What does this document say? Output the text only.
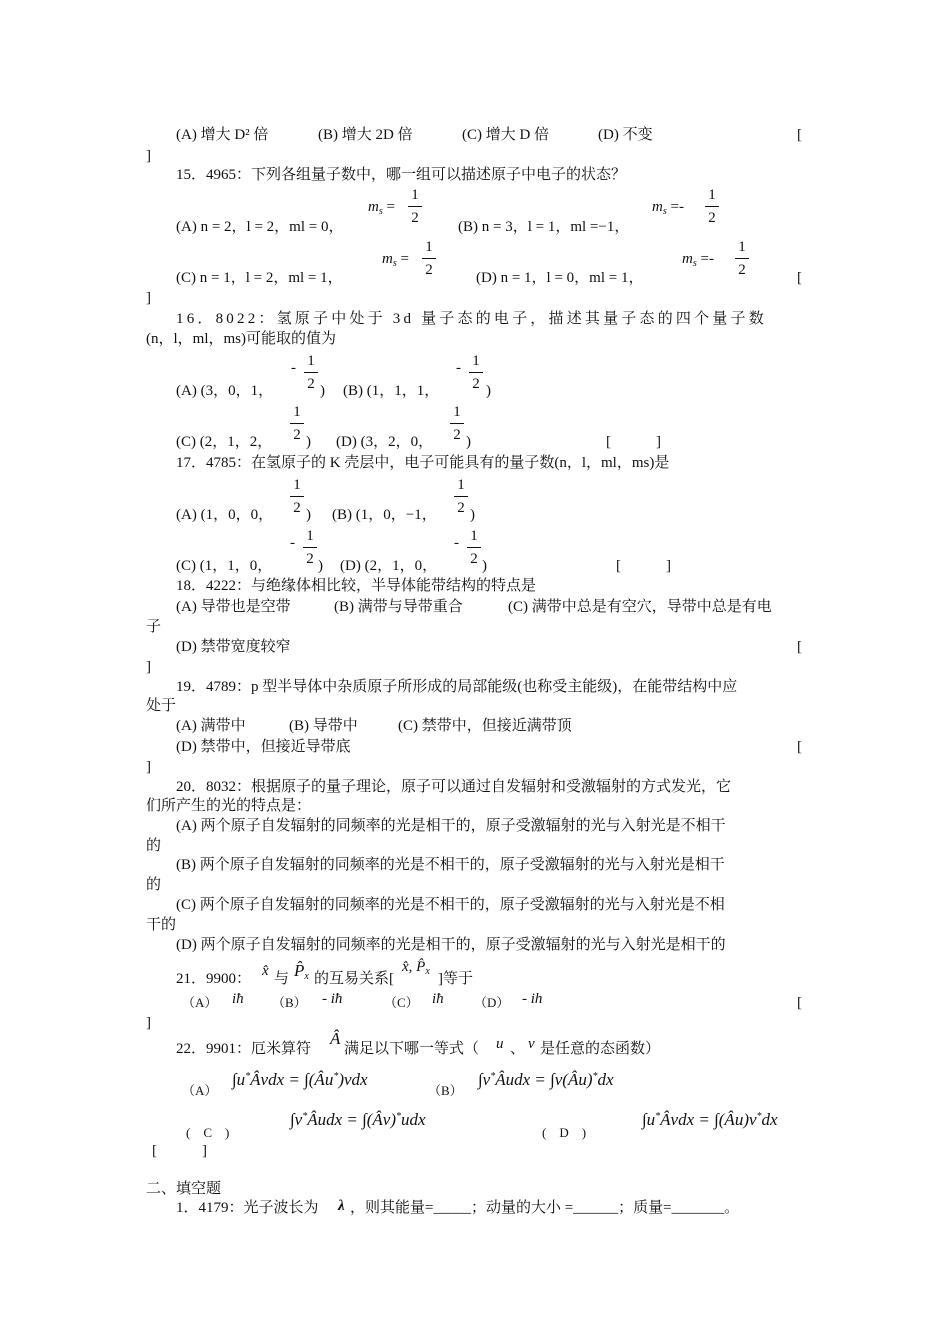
(A) 增大 D² 倍	(B) 增大 2D 倍	(C) 增大 D 倍	(D) 不变	[
]
15．4965：下列各组量子数中，哪一组可以描述原子中电子的状态？
$m_s$ =
1
2
$m_s$ =-
1
2
(A) n = 2，l = 2，ml = 0，	(B) n = 3，l = 1，ml =−1，
$m_s$ =
1
2
$m_s$ =-
1
2
(C) n = 1，l = 2，ml = 1，	(D) n = 1，l = 0，ml = 1，	[
]
16．8022：氢原子中处于 3d 量子态的电子，描述其量子态的四个量子数
(n，l，ml，ms)可能取的值为
(A) (3，0，1，
- 1
2 ) (B) (1，1，1，
- 1
2 )
1
2
1
2
(C) (2，1，2， ) (D) (3，2，0， )	[　　　]
17．4785：在氢原子的 K 壳层中，电子可能具有的量子数(n，l，ml，ms)是
1
2
1
2
(A) (1，0，0， ) (B) (1，0，−1， )
- 1
2
- 1
2
(C) (1，1，0，	) (D) (2，1，0，	)	[　　　]
18．4222：与绝缘体相比较，半导体能带结构的特点是
(A) 导带也是空带	(B) 满带与导带重合	(C) 满带中总是有空穴，导带中总是有电
子
(D) 禁带宽度较窄	[
]
19．4789：p 型半导体中杂质原子所形成的局部能级(也称受主能级)，在能带结构中应
处于
(A) 满带中	(B) 导带中	(C) 禁带中，但接近满带顶
(D) 禁带中，但接近导带底	[
]
20．8032：根据原子的量子理论，原子可以通过自发辐射和受激辐射的方式发光，它
们所产生的光的特点是：
(A) 两个原子自发辐射的同频率的光是相干的，原子受激辐射的光与入射光是不相干
的
(B) 两个原子自发辐射的同频率的光是不相干的，原子受激辐射的光与入射光是相干
的
(C) 两个原子自发辐射的同频率的光是不相干的，原子受激辐射的光与入射光是不相
干的
(D) 两个原子自发辐射的同频率的光是相干的，原子受激辐射的光与入射光是相干的
21．9900： x̂ 与 $P̂_x$ 的互易关系[
x̂, $P̂_x$ ]等于
（A） iħ （B） - iħ	（C） iħ （D） - ih	[
]
22．9901：厄米算符
Â
满足以下哪一等式（ u 、 v 是任意的态函数）
（A）
∫u*Âvdx = ∫(Âu*)vdx
（B）
∫v*Âudx = ∫v(Âu)*dx
(　C　)
∫v*Âudx = ∫(Âv)*udx
(　D　)
∫u*Âvdx = ∫(Âu)v*dx
[　　　]
二、填空题
1．4179：光子波长为 λ ，则其能量=_____；动量的大小 =______；质量=_______。
